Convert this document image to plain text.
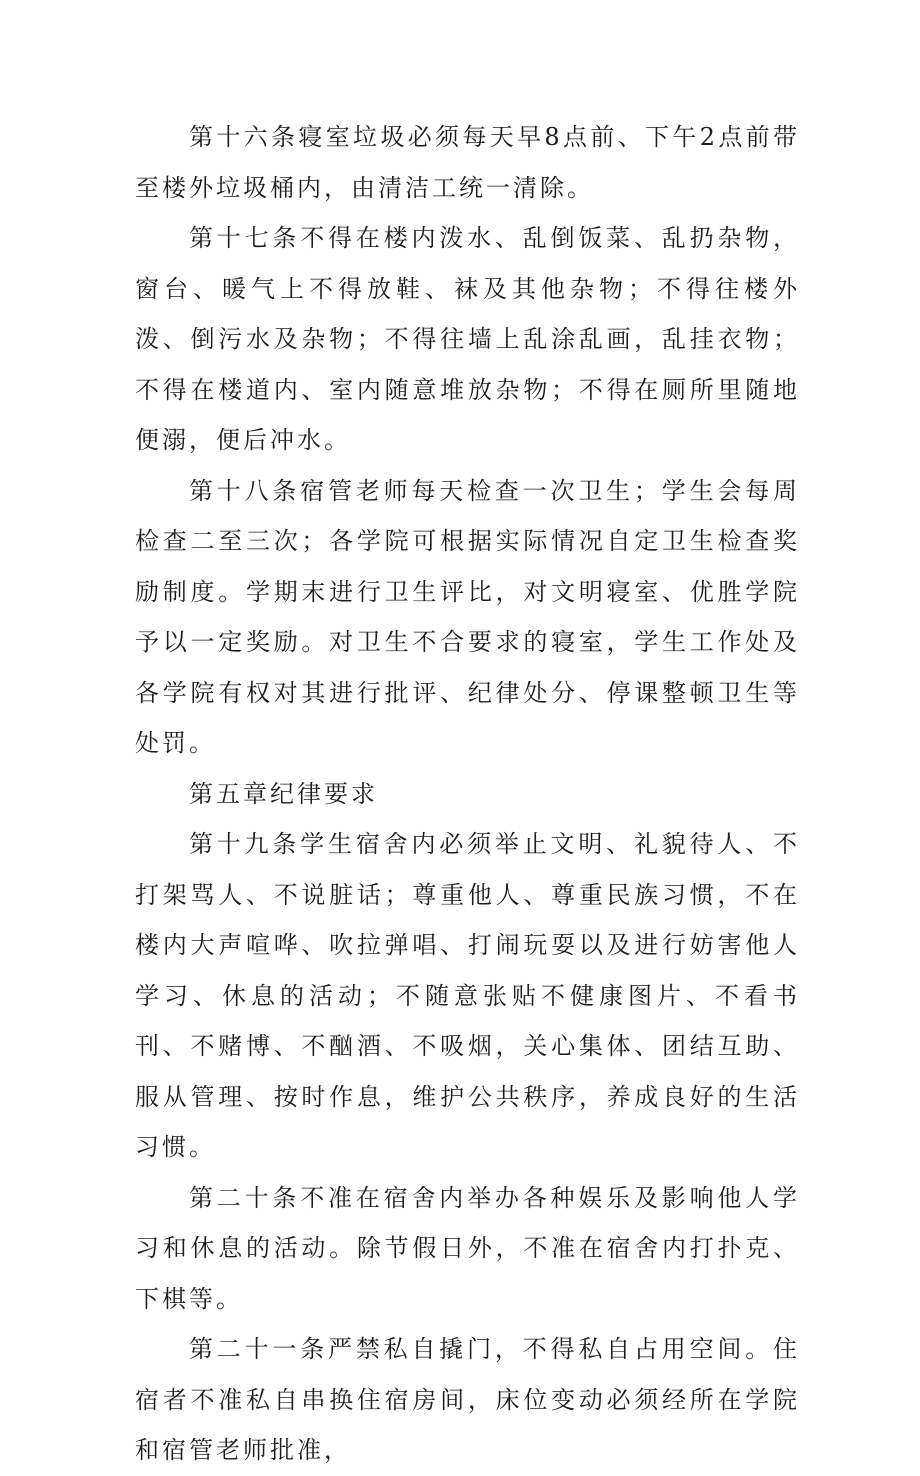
第十六条寝室垃圾必须每天早8点前、下午2点前带至楼外垃圾桶内，由清洁工统一清除。

第十七条不得在楼内泼水、乱倒饭菜、乱扔杂物，窗台、暖气上不得放鞋、袜及其他杂物；不得往楼外泼、倒污水及杂物；不得往墙上乱涂乱画，乱挂衣物；不得在楼道内、室内随意堆放杂物；不得在厕所里随地便溺，便后冲水。

第十八条宿管老师每天检查一次卫生；学生会每周检查二至三次；各学院可根据实际情况自定卫生检查奖励制度。学期末进行卫生评比，对文明寝室、优胜学院予以一定奖励。对卫生不合要求的寝室，学生工作处及各学院有权对其进行批评、纪律处分、停课整顿卫生等处罚。

第五章纪律要求

第十九条学生宿舍内必须举止文明、礼貌待人、不打架骂人、不说脏话；尊重他人、尊重民族习惯，不在楼内大声喧哗、吹拉弹唱、打闹玩耍以及进行妨害他人学习、休息的活动；不随意张贴不健康图片、不看书刊、不赌博、不酗酒、不吸烟，关心集体、团结互助、服从管理、按时作息，维护公共秩序，养成良好的生活习惯。

第二十条不准在宿舍内举办各种娱乐及影响他人学习和休息的活动。除节假日外，不准在宿舍内打扑克、下棋等。

第二十一条严禁私自撬门，不得私自占用空间。住宿者不准私自串换住宿房间，床位变动必须经所在学院和宿管老师批准，
